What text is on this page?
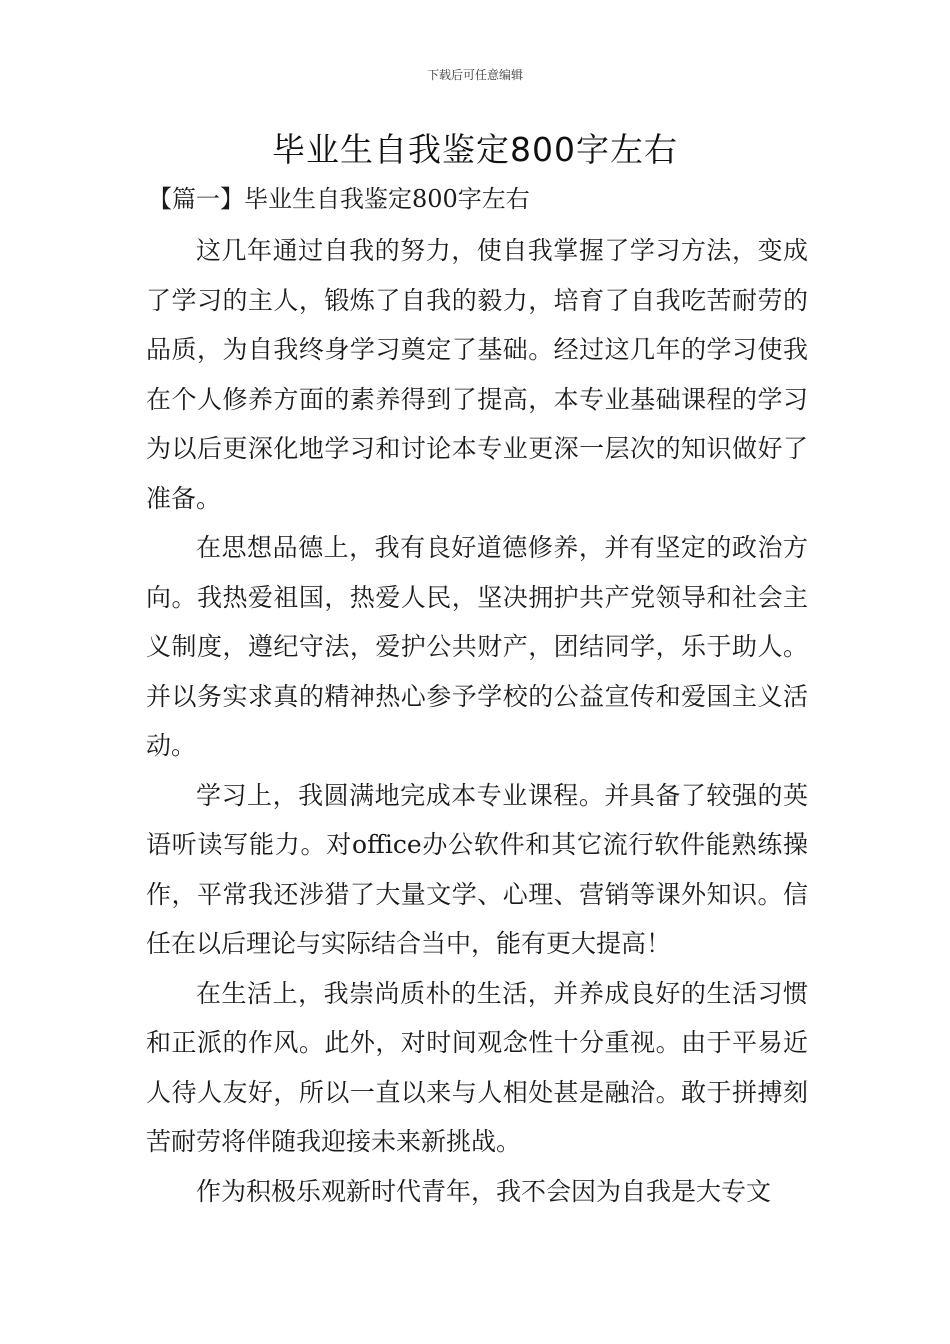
下载后可任意编辑
毕业生自我鉴定800字左右
【篇一】毕业生自我鉴定800字左右

这几年通过自我的努力，使自我掌握了学习方法，变成了学习的主人，锻炼了自我的毅力，培育了自我吃苦耐劳的品质，为自我终身学习奠定了基础。经过这几年的学习使我在个人修养方面的素养得到了提高，本专业基础课程的学习为以后更深化地学习和讨论本专业更深一层次的知识做好了准备。

在思想品德上，我有良好道德修养，并有坚定的政治方向。我热爱祖国，热爱人民，坚决拥护共产党领导和社会主义制度，遵纪守法，爱护公共财产，团结同学，乐于助人。并以务实求真的精神热心参予学校的公益宣传和爱国主义活动。

学习上，我圆满地完成本专业课程。并具备了较强的英语听读写能力。对office办公软件和其它流行软件能熟练操作，平常我还涉猎了大量文学、心理、营销等课外知识。信任在以后理论与实际结合当中，能有更大提高！

在生活上，我崇尚质朴的生活，并养成良好的生活习惯和正派的作风。此外，对时间观念性十分重视。由于平易近人待人友好，所以一直以来与人相处甚是融洽。敢于拼搏刻苦耐劳将伴随我迎接未来新挑战。

作为积极乐观新时代青年，我不会因为自我是大专文
